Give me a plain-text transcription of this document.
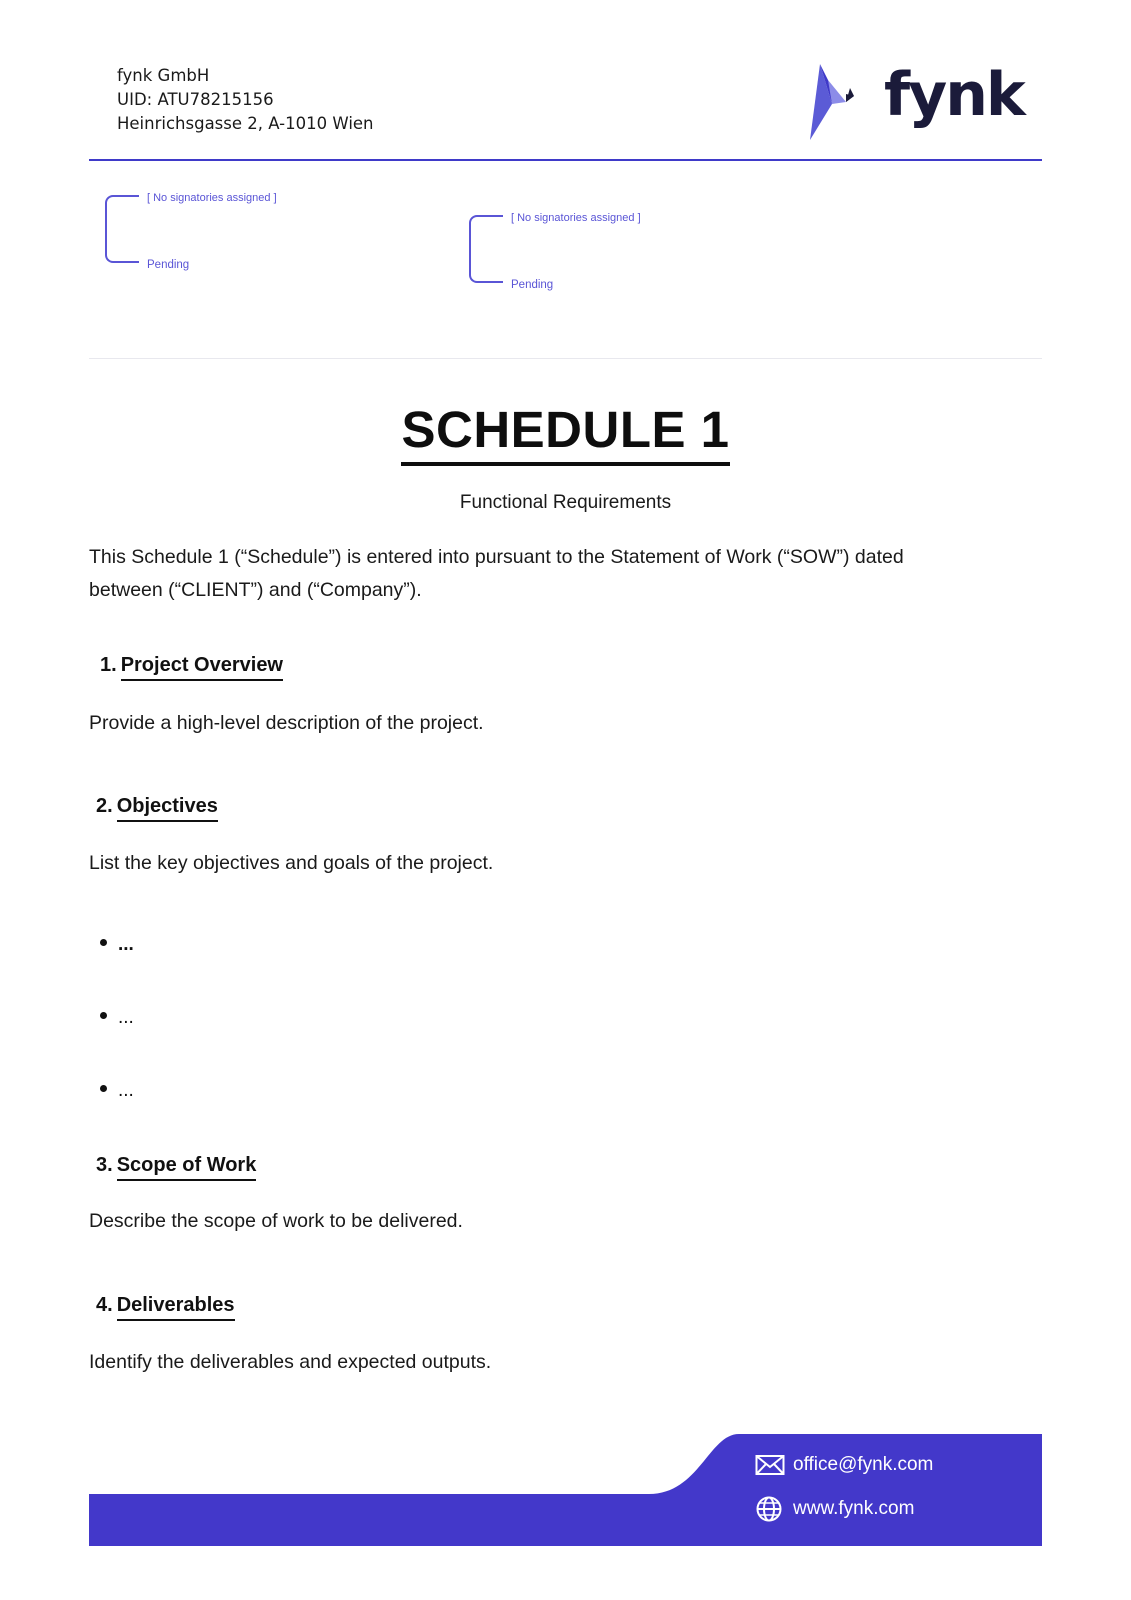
fynk GmbH
UID: ATU78215156
Heinrichsgasse 2, A-1010 Wien	fynk
[ No signatories assigned ]
Pending
[ No signatories assigned ]
Pending
SCHEDULE 1
Functional Requirements
This Schedule 1 (“Schedule”) is entered into pursuant to the Statement of Work (“SOW”) dated
between (“CLIENT”) and (“Company”).
1. Project Overview
Provide a high-level description of the project.
2. Objectives
List the key objectives and goals of the project.
...
...
...
3. Scope of Work
Describe the scope of work to be delivered.
4. Deliverables
Identify the deliverables and expected outputs.
office@fynk.com
www.fynk.com
